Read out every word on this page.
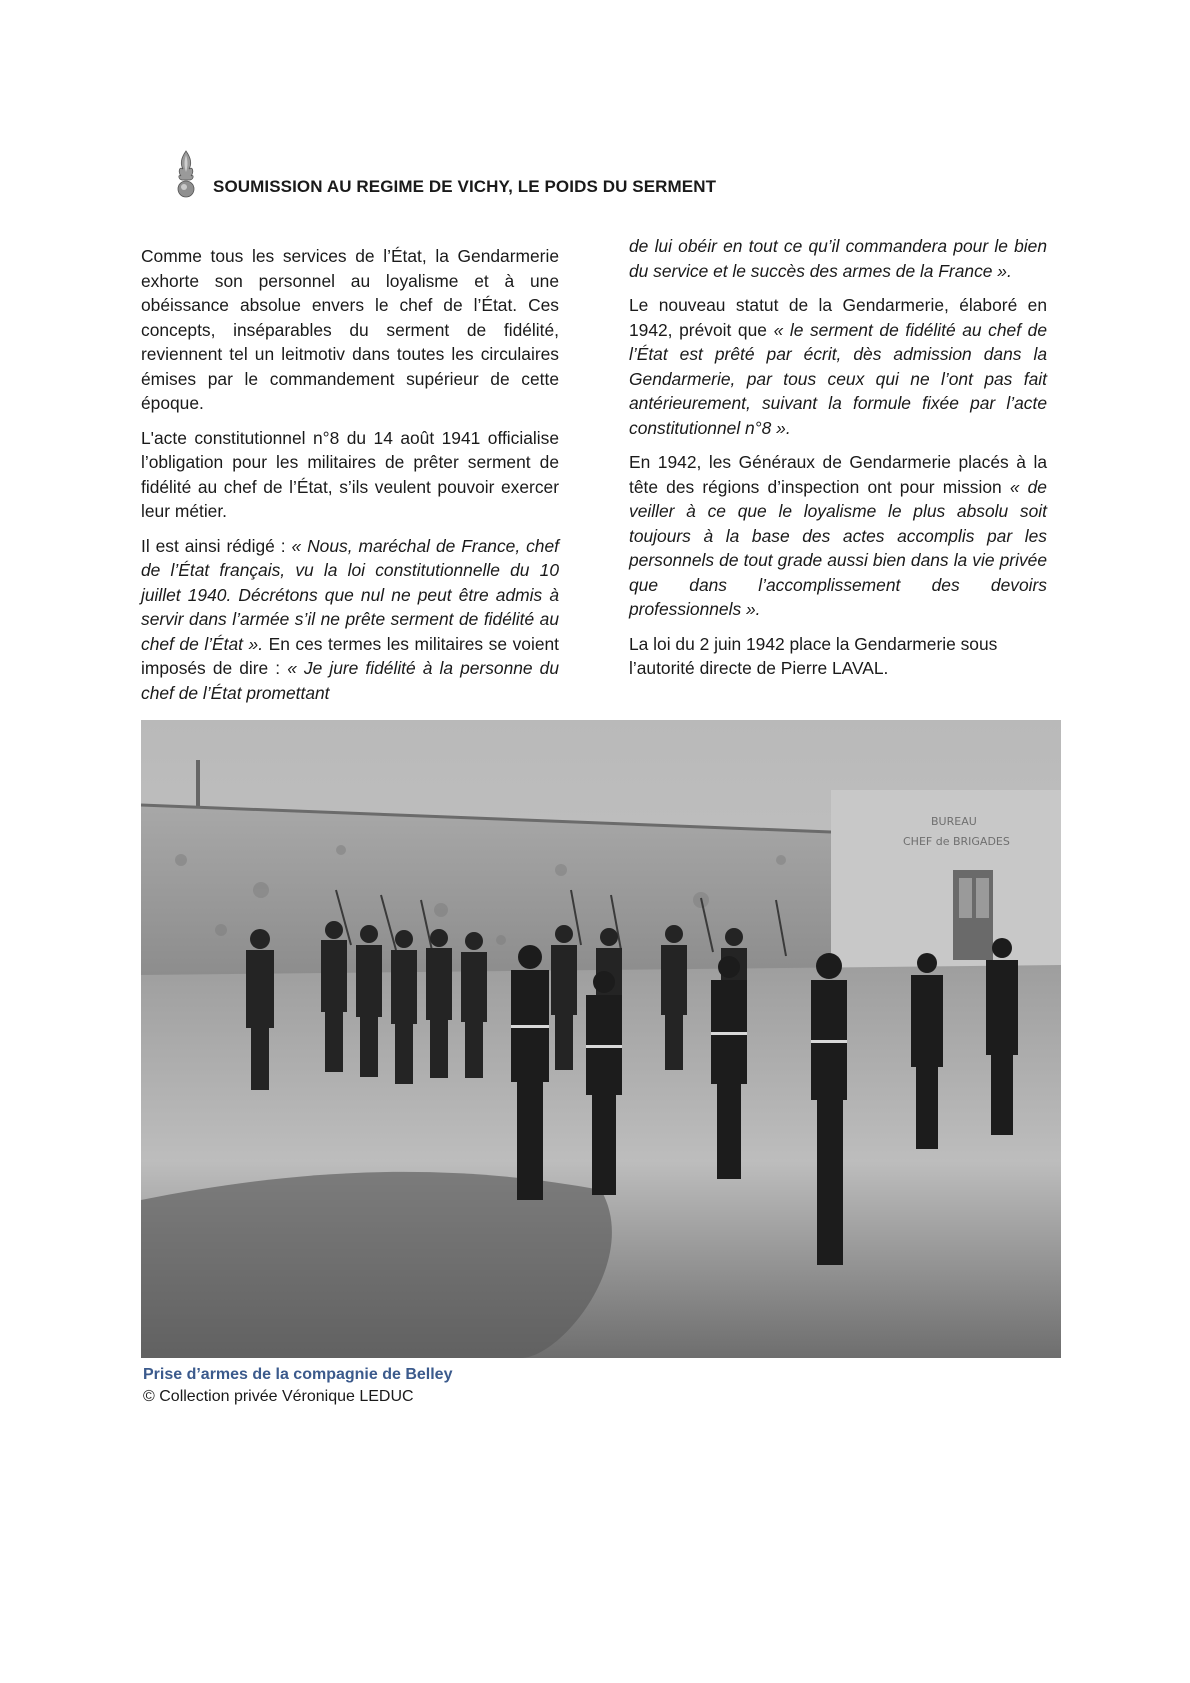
SOUMISSION AU REGIME DE VICHY, LE POIDS DU SERMENT

Comme tous les services de l’État, la Gendarmerie exhorte son personnel au loyalisme et à une obéissance absolue envers le chef de l’État. Ces concepts, inséparables du serment de fidélité, reviennent tel un leitmotiv dans toutes les circulaires émises par le commandement supérieur de cette époque.

L'acte constitutionnel n°8 du 14 août 1941 officialise l’obligation pour les militaires de prêter serment de fidélité au chef de l’État, s’ils veulent pouvoir exercer leur métier.

Il est ainsi rédigé : « Nous, maréchal de France, chef de l’État français, vu la loi constitutionnelle du 10 juillet 1940. Décrétons que nul ne peut être admis à servir dans l’armée s’il ne prête serment de fidélité au chef de l’État ». En ces termes les militaires se voient imposés de dire : « Je jure fidélité à la personne du chef de l’État promettant

de lui obéir en tout ce qu’il commandera pour le bien du service et le succès des armes de la France ».

Le nouveau statut de la Gendarmerie, élaboré en 1942, prévoit que « le serment de fidélité au chef de l’État est prêté par écrit, dès admission dans la Gendarmerie, par tous ceux qui ne l’ont pas fait antérieurement, suivant la formule fixée par l’acte constitutionnel n°8 ».

En 1942, les Généraux de Gendarmerie placés à la tête des régions d’inspection ont pour mission « de veiller à ce que le loyalisme le plus absolu soit toujours à la base des actes accomplis par les personnels de tout grade aussi bien dans la vie privée que dans l’accomplissement des devoirs professionnels ».

La loi du 2 juin 1942 place la Gendarmerie sous l’autorité directe de Pierre LAVAL.

BUREAU
CHEF de BRIGADES
Prise d’armes de la compagnie de Belley
© Collection privée Véronique LEDUC
